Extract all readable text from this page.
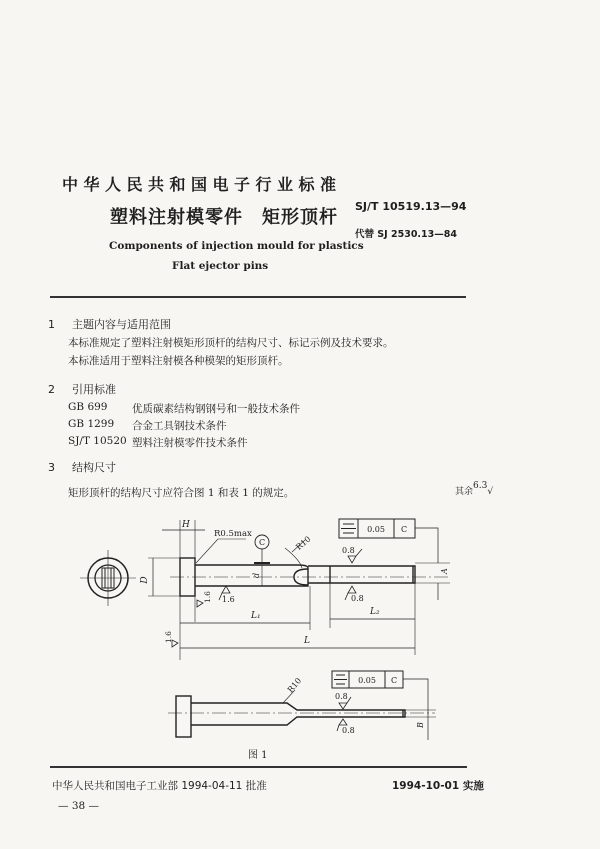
中华人民共和国电子行业标准
塑料注射模零件　矩形顶杆
SJ/T 10519.13—94
代替 SJ 2530.13—84
Components of injection mould for plastics
Flat ejector pins
1 主题内容与适用范围
本标准规定了塑料注射模矩形顶杆的结构尺寸、标记示例及技术要求。
本标准适用于塑料注射模各种模架的矩形顶杆。
2 引用标准
GB 699 优质碳素结构钢钢号和一般技术条件
GB 1299 合金工具钢技术条件
SJ/T 10520 塑料注射模零件技术条件
3 结构尺寸
矩形顶杆的结构尺寸应符合图 1 和表 1 的规定。	其余6.3√
D
H
R0.5max
C
d
R10
0.05 C
A
0.8
0.8
1.6
1.6
L₁	L₂
L
1.6
R10	0.05 C
B
0.8
0.8
图 1
中华人民共和国电子工业部 1994-04-11 批准	1994-10-01 实施
— 38 —
